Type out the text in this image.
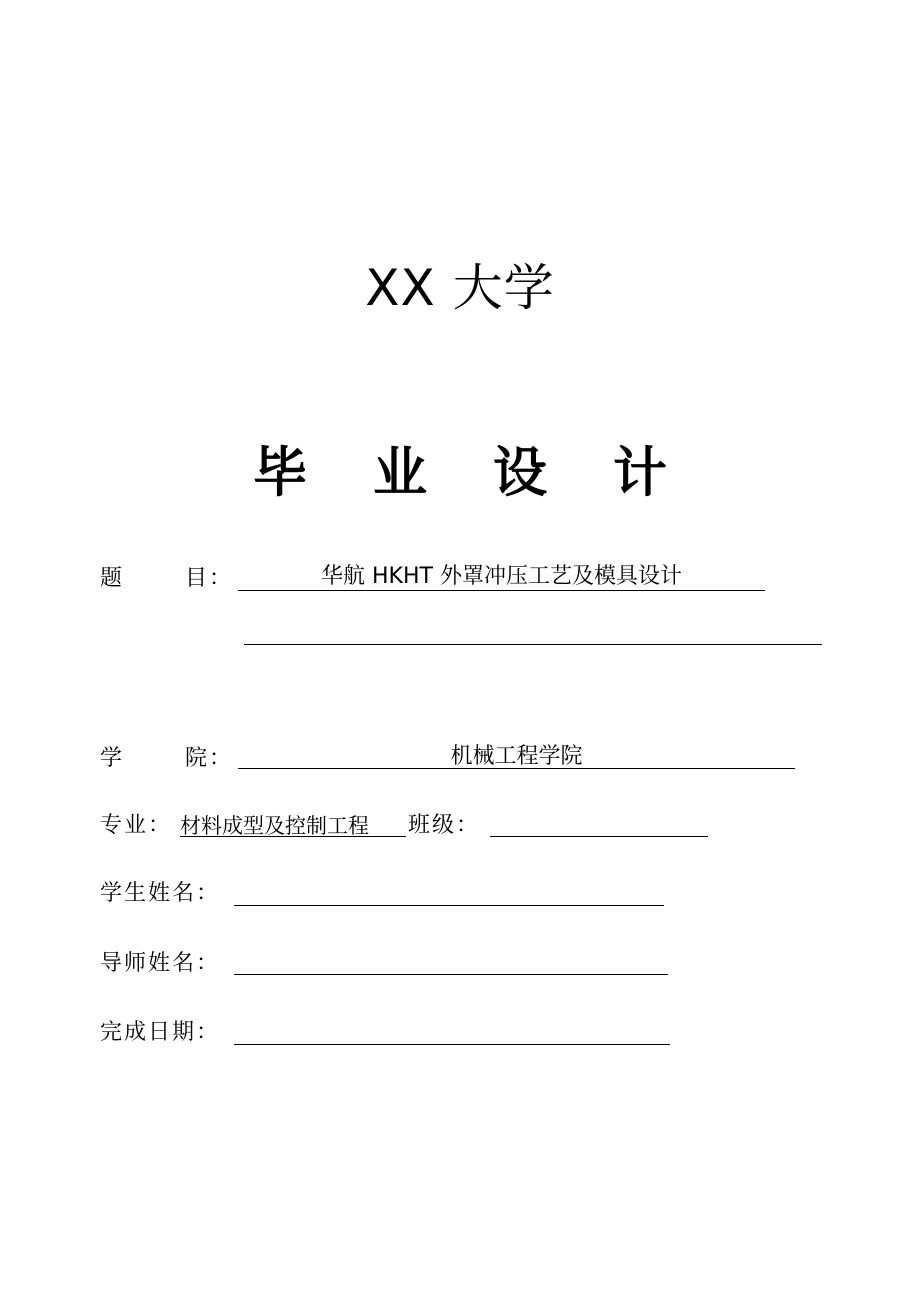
XX 大学
毕 业 设 计
题	目：	华航 HKHT 外罩冲压工艺及模具设计
学	院：	机械工程学院
专业： 材料成型及控制工程 班级：
学生姓名：
导师姓名：
完成日期：
